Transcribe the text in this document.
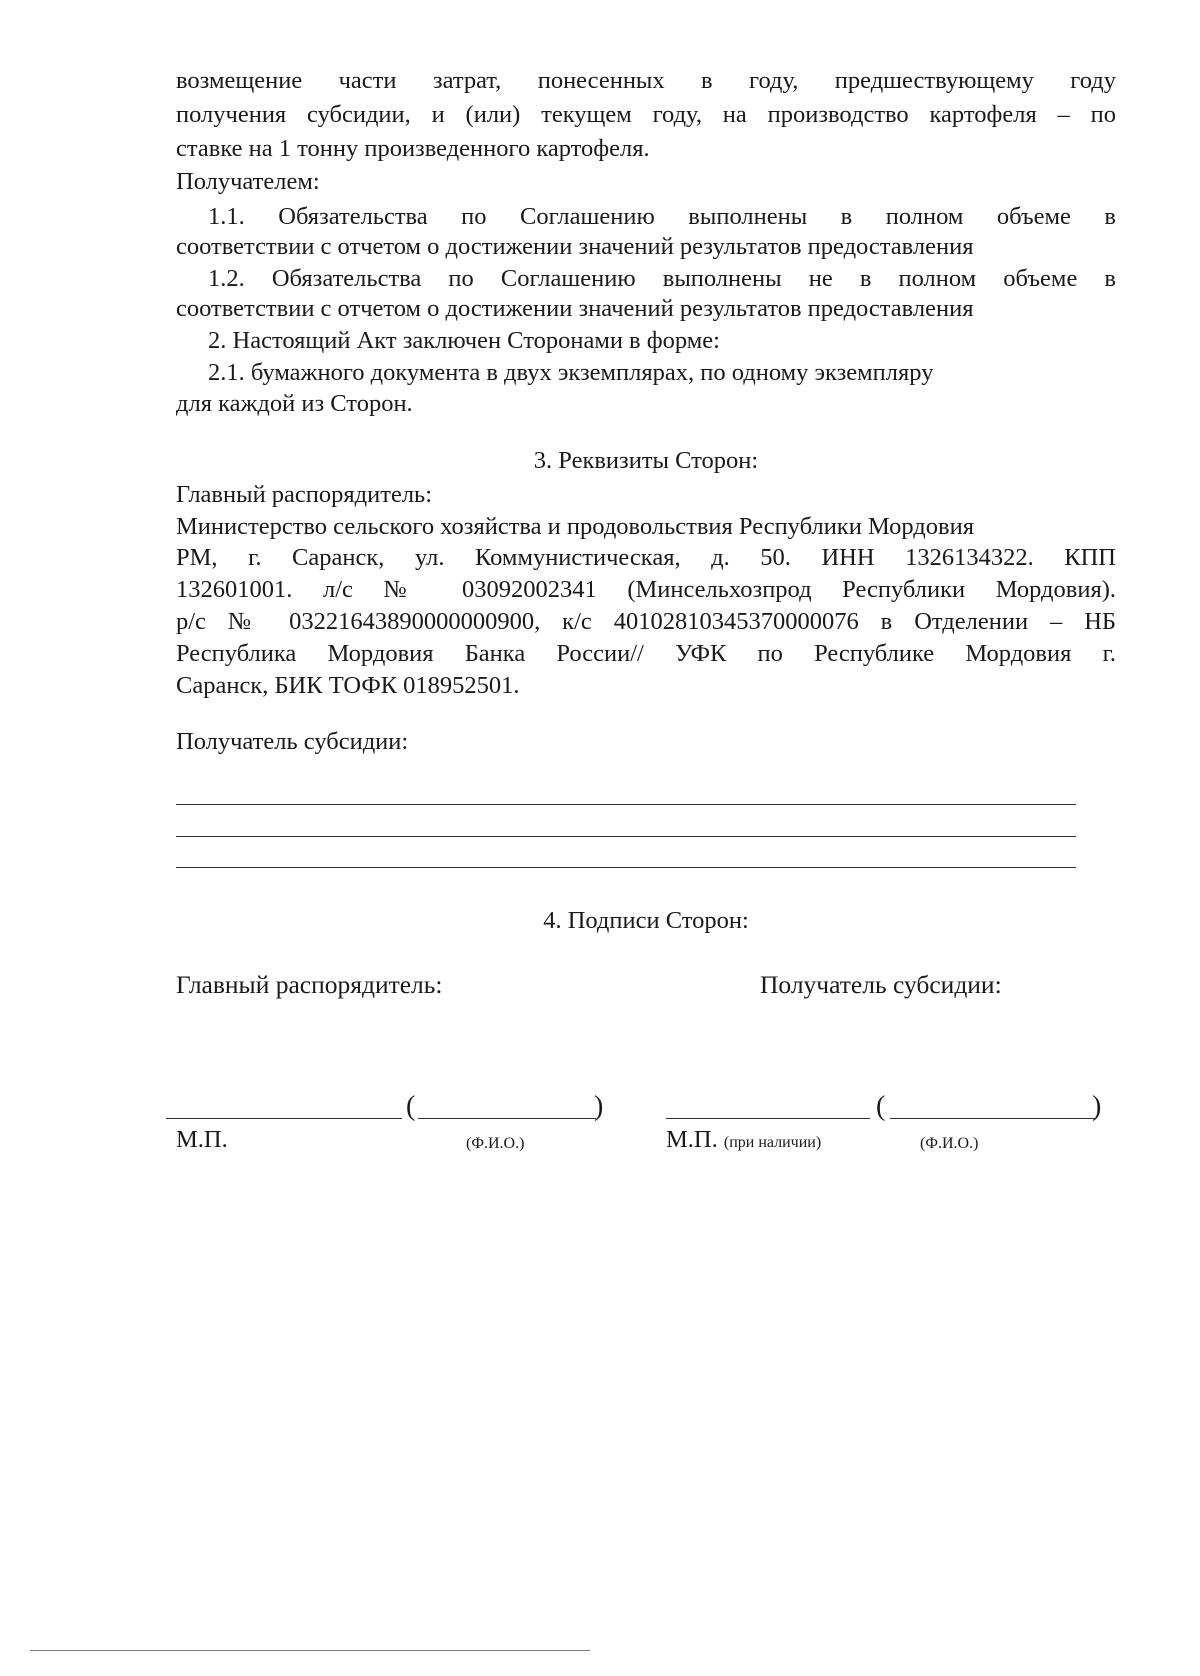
возмещение части затрат, понесенных в году, предшествующему году
получения субсидии, и (или) текущем году, на производство картофеля – по
ставке на 1 тонну произведенного картофеля.
Получателем:
1.1. Обязательства по Соглашению выполнены в полном объеме в
соответствии с отчетом о достижении значений результатов предоставления
1.2. Обязательства по Соглашению выполнены не в полном объеме в
соответствии с отчетом о достижении значений результатов предоставления
2. Настоящий Акт заключен Сторонами в форме:
2.1. бумажного документа в двух экземплярах, по одному экземпляру
для каждой из Сторон.
3. Реквизиты Сторон:
Главный распорядитель:
Министерство сельского хозяйства и продовольствия Республики Мордовия
РМ, г. Саранск, ул. Коммунистическая, д. 50. ИНН 1326134322. КПП
132601001. л/с № 03092002341 (Минсельхозпрод Республики Мордовия).
р/с № 03221643890000000900, к/с 40102810345370000076 в Отделении – НБ
Республика Мордовия Банка России// УФК по Республике Мордовия г.
Саранск, БИК ТОФК 018952501.
Получатель субсидии:
4. Подписи Сторон:
Главный распорядитель:	Получатель субсидии:
(	)
М.П.	(Ф.И.О.)
(	)
М.П. (при наличии)	(Ф.И.О.)
